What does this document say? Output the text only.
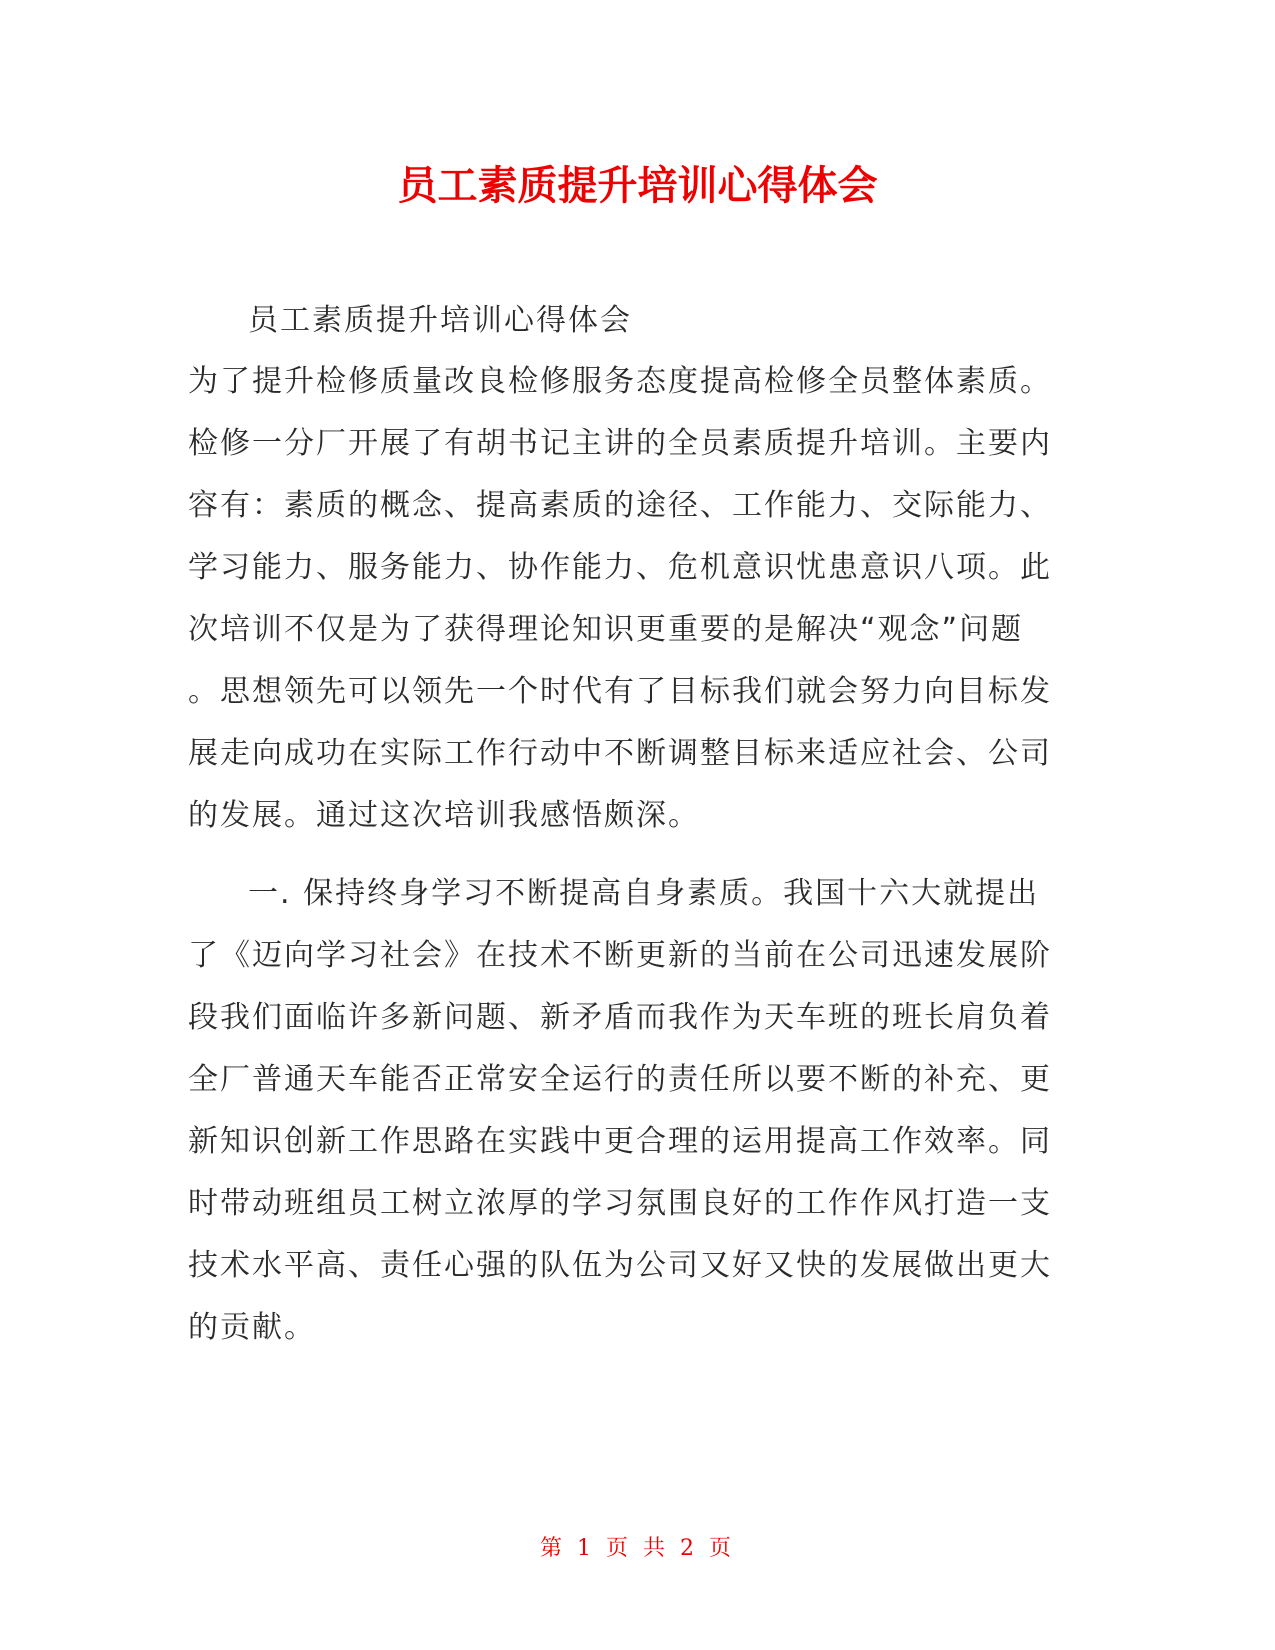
员工素质提升培训心得体会
员工素质提升培训心得体会
为了提升检修质量改良检修服务态度提高检修全员整体素质。
检修一分厂开展了有胡书记主讲的全员素质提升培训。主要内
容有：素质的概念、提高素质的途径、工作能力、交际能力、
学习能力、服务能力、协作能力、危机意识忧患意识八项。此
次培训不仅是为了获得理论知识更重要的是解决“观念”问题
。思想领先可以领先一个时代有了目标我们就会努力向目标发
展走向成功在实际工作行动中不断调整目标来适应社会、公司
的发展。通过这次培训我感悟颇深。
一. 保持终身学习不断提高自身素质。我国十六大就提出
了《迈向学习社会》在技术不断更新的当前在公司迅速发展阶
段我们面临许多新问题、新矛盾而我作为天车班的班长肩负着
全厂普通天车能否正常安全运行的责任所以要不断的补充、更
新知识创新工作思路在实践中更合理的运用提高工作效率。同
时带动班组员工树立浓厚的学习氛围良好的工作作风打造一支
技术水平高、责任心强的队伍为公司又好又快的发展做出更大
的贡献。
第 1 页 共 2 页
